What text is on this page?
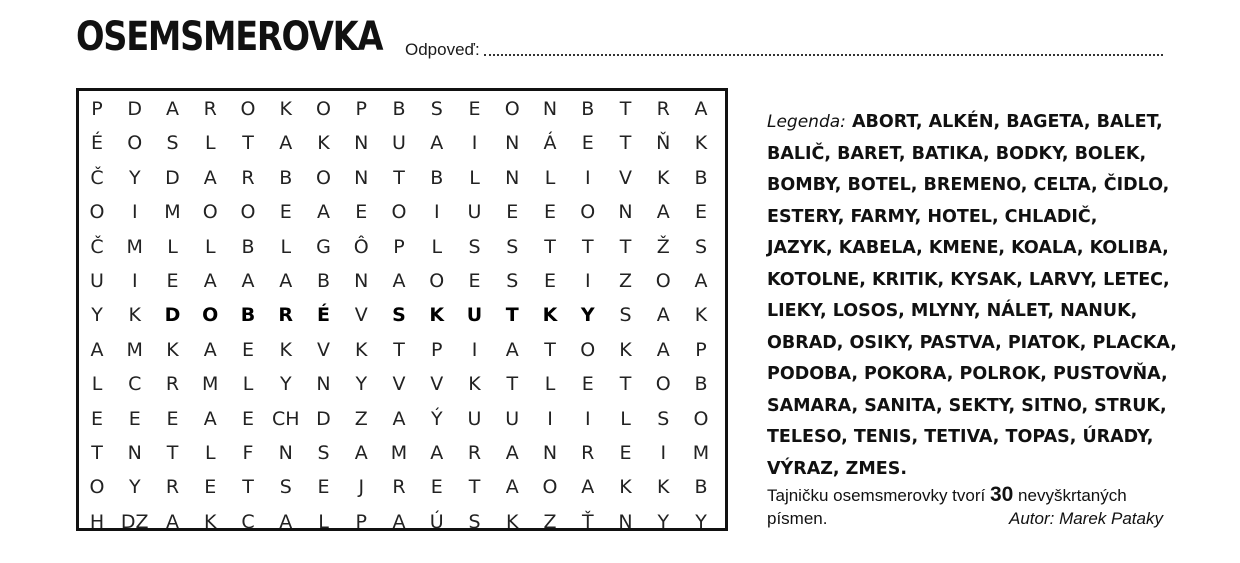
OSEMSMEROVKA Odpoveď:
P	D	A	R	O	K	O	P	B	S	E	O	N	B	T	R	A
É	O	S	L	T	A	K	N	U	A	I	N	Á	E	T	Ň	K
Č	Y	D	A	R	B	O	N	T	B	L	N	L	I	V	K	B
O	I	M	O	O	E	A	E	O	I	U	E	E	O	N	A	E
Č	M	L	L	B	L	G	Ô	P	L	S	S	T	T	T	Ž	S
U	I	E	A	A	A	B	N	A	O	E	S	E	I	Z	O	A
Y	K	D	O	B	R	É	V	S	K	U	T	K	Y	S	A	K
A	M	K	A	E	K	V	K	T	P	I	A	T	O	K	A	P
L	C	R	M	L	Y	N	Y	V	V	K	T	L	E	T	O	B
E	E	E	A	E CH D	Z	A	Ý	U	U	I	I	L	S	O
T	N	T	L	F	N	S	A	M	A	R	A	N	R	E	I	M
O	Y	R	E	T	S	E	J	R	E	T	A	O	A	K	K	B
H DZ A	K	C	A	L	P	A	Ú	S	K	Z	Ť	N	Y	Y
Legenda: ABORT, ALKÉN, BAGETA, BALET,
BALIČ, BARET, BATIKA, BODKY, BOLEK,
BOMBY, BOTEL, BREMENO, CELTA, ČIDLO,
ESTERY, FARMY, HOTEL, CHLADIČ,
JAZYK, KABELA, KMENE, KOALA, KOLIBA,
KOTOLNE, KRITIK, KYSAK, LARVY, LETEC,
LIEKY, LOSOS, MLYNY, NÁLET, NANUK,
OBRAD, OSIKY, PASTVA, PIATOK, PLACKA,
PODOBA, POKORA, POLROK, PUSTOVŇA,
SAMARA, SANITA, SEKTY, SITNO, STRUK,
TELESO, TENIS, TETIVA, TOPAS, ÚRADY,
VÝRAZ, ZMES.
Tajničku osemsmerovky tvorí 30 nevyškrtaných
písmen.	Autor: Marek Pataky
